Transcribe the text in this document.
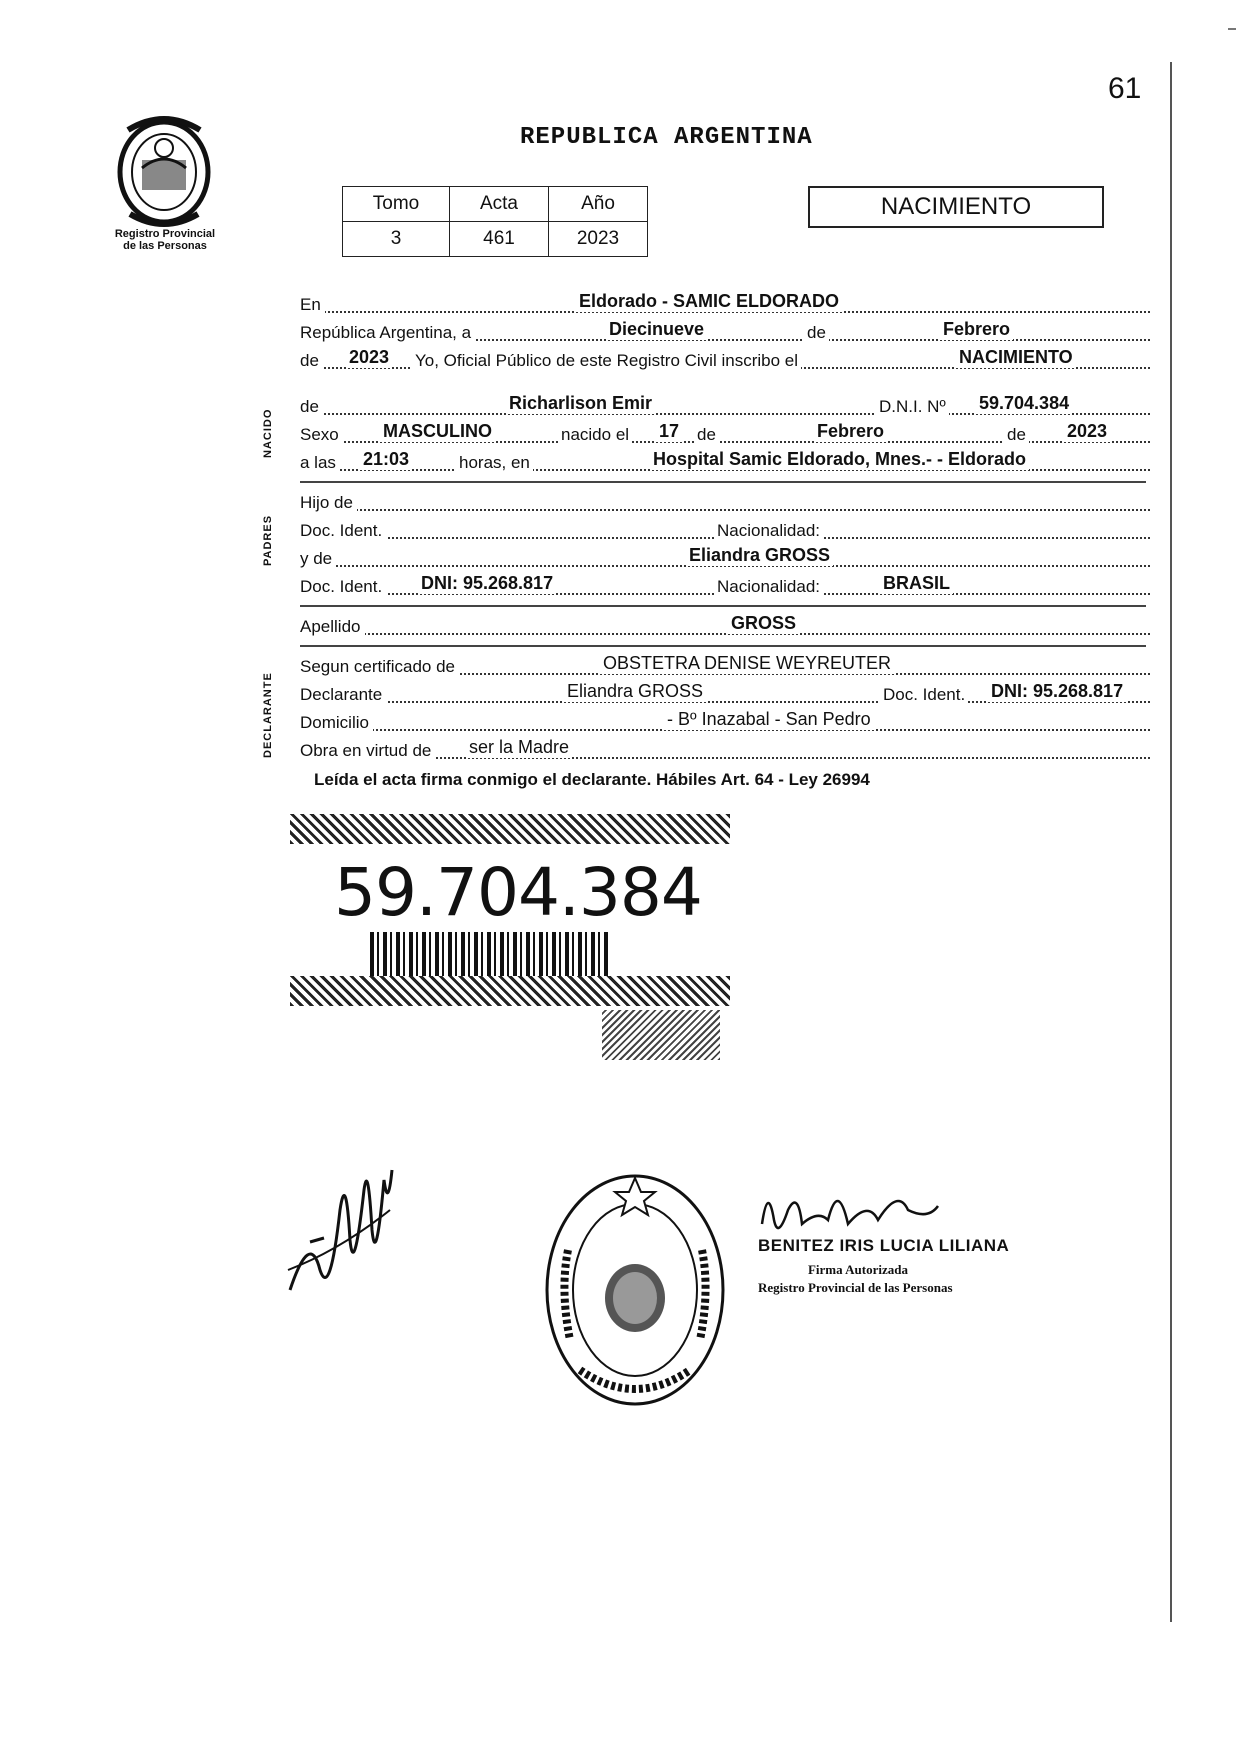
61
Registro Provincial
de las Personas
REPUBLICA ARGENTINA
Tomo	Acta	Año
3	461	2023
NACIMIENTO
En	Eldorado - SAMIC ELDORADO
República Argentina, a	Diecinueve	de	Febrero
de 2023 Yo, Oficial Público de este Registro Civil inscribo el	NACIMIENTO
NACIDO
de	Richarlison Emir	D.N.I. Nº 59.704.384
Sexo MASCULINO	nacido el 17 de	Febrero	de 2023
a las 21:03	horas, en	Hospital Samic Eldorado, Mnes.- - Eldorado
PADRES
Hijo de
Doc. Ident.	Nacionalidad:
y de	Eliandra GROSS
Doc. Ident. DNI: 95.268.817	Nacionalidad:	BRASIL
Apellido	GROSS
DECLARANTE
Segun certificado de	OBSTETRA DENISE WEYREUTER
Declarante	Eliandra GROSS	Doc. Ident. DNI: 95.268.817
Domicilio	- Bº Inazabal - San Pedro
Obra en virtud de ser la Madre
Leída el acta firma conmigo el declarante. Hábiles Art. 64 - Ley 26994
59.704.384
BENITEZ IRIS LUCIA LILIANA
Firma Autorizada
Registro Provincial de las Personas
